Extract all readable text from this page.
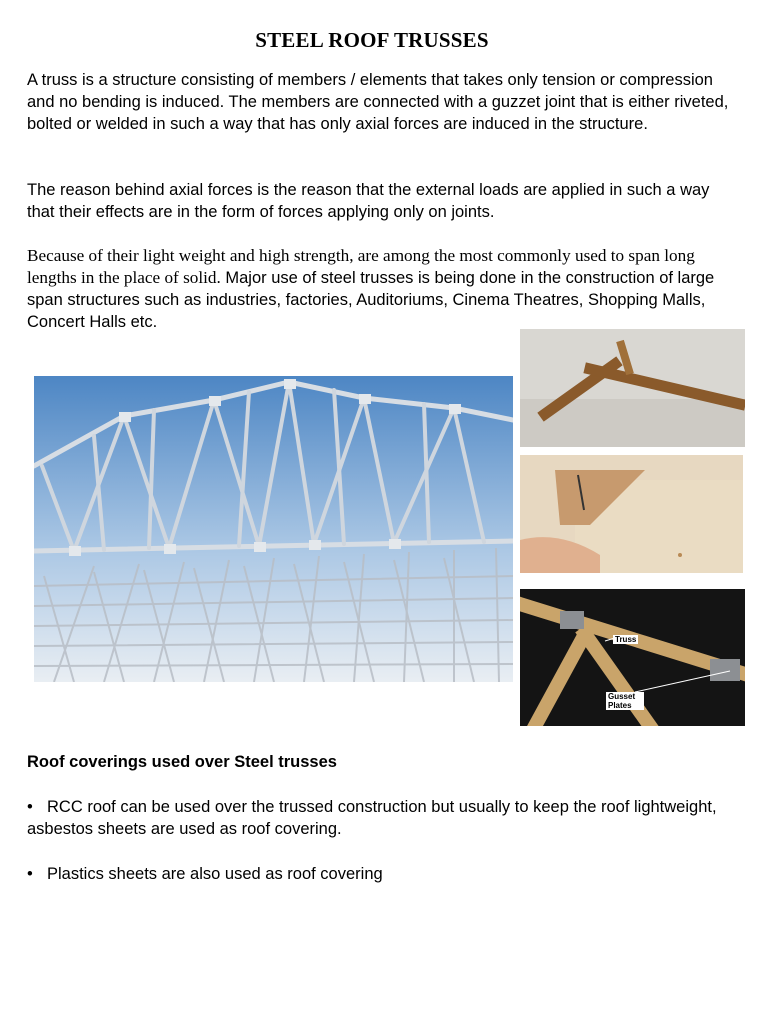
STEEL ROOF TRUSSES
A truss is a structure consisting of members / elements that takes only tension or compression and no bending is induced. The members are connected with a guzzet joint that is either riveted, bolted or welded in such a way that has only axial forces are induced in the structure.
The reason behind axial forces is the reason that the external loads are applied in such a way that their effects are in the form of forces applying only on joints.
Because of their light weight and high strength, are among the most commonly used to span long lengths in the place of solid. Major use of steel trusses is being done in the construction of large span structures such as industries, factories, Auditoriums, Cinema Theatres, Shopping Malls, Concert Halls etc.
Truss
Gusset Plates
Roof coverings used over Steel trusses
• RCC roof can be used over the trussed construction but usually to keep the roof lightweight, asbestos sheets are used as roof covering.
• Plastics sheets are also used as roof covering
